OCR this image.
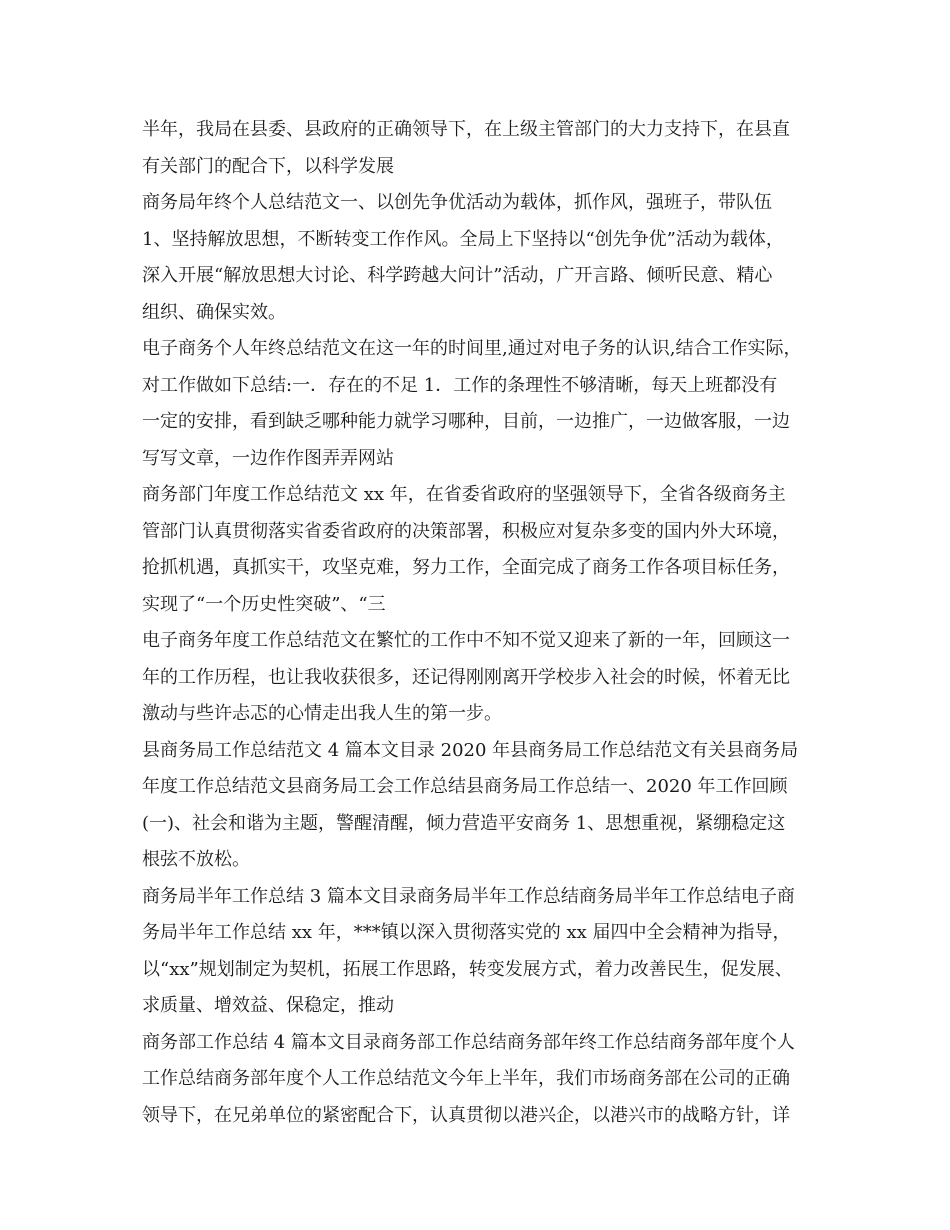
半年，我局在县委、县政府的正确领导下，在上级主管部门的大力支持下，在县直
有关部门的配合下，以科学发展
商务局年终个人总结范文一、以创先争优活动为载体，抓作风，强班子，带队伍
1、坚持解放思想，不断转变工作作风。全局上下坚持以“创先争优”活动为载体，
深入开展“解放思想大讨论、科学跨越大问计”活动，广开言路、倾听民意、精心
组织、确保实效。
电子商务个人年终总结范文在这一年的时间里,通过对电子务的认识,结合工作实际，
对工作做如下总结:一．存在的不足 1．工作的条理性不够清晰，每天上班都没有
一定的安排，看到缺乏哪种能力就学习哪种，目前，一边推广，一边做客服，一边
写写文章，一边作作图弄弄网站
商务部门年度工作总结范文 xx 年，在省委省政府的坚强领导下，全省各级商务主
管部门认真贯彻落实省委省政府的决策部署，积极应对复杂多变的国内外大环境，
抢抓机遇，真抓实干，攻坚克难，努力工作，全面完成了商务工作各项目标任务，
实现了“一个历史性突破”、“三
电子商务年度工作总结范文在繁忙的工作中不知不觉又迎来了新的一年，回顾这一
年的工作历程，也让我收获很多，还记得刚刚离开学校步入社会的时候，怀着无比
激动与些许忐忑的心情走出我人生的第一步。
县商务局工作总结范文 4 篇本文目录 2020 年县商务局工作总结范文有关县商务局
年度工作总结范文县商务局工会工作总结县商务局工作总结一、2020 年工作回顾
(一)、社会和谐为主题，警醒清醒，倾力营造平安商务 1、思想重视，紧绷稳定这
根弦不放松。
商务局半年工作总结 3 篇本文目录商务局半年工作总结商务局半年工作总结电子商
务局半年工作总结 xx 年，***镇以深入贯彻落实党的 xx 届四中全会精神为指导，
以“xx”规划制定为契机，拓展工作思路，转变发展方式，着力改善民生，促发展、
求质量、增效益、保稳定，推动
商务部工作总结 4 篇本文目录商务部工作总结商务部年终工作总结商务部年度个人
工作总结商务部年度个人工作总结范文今年上半年，我们市场商务部在公司的正确
领导下，在兄弟单位的紧密配合下，认真贯彻以港兴企，以港兴市的战略方针，详
